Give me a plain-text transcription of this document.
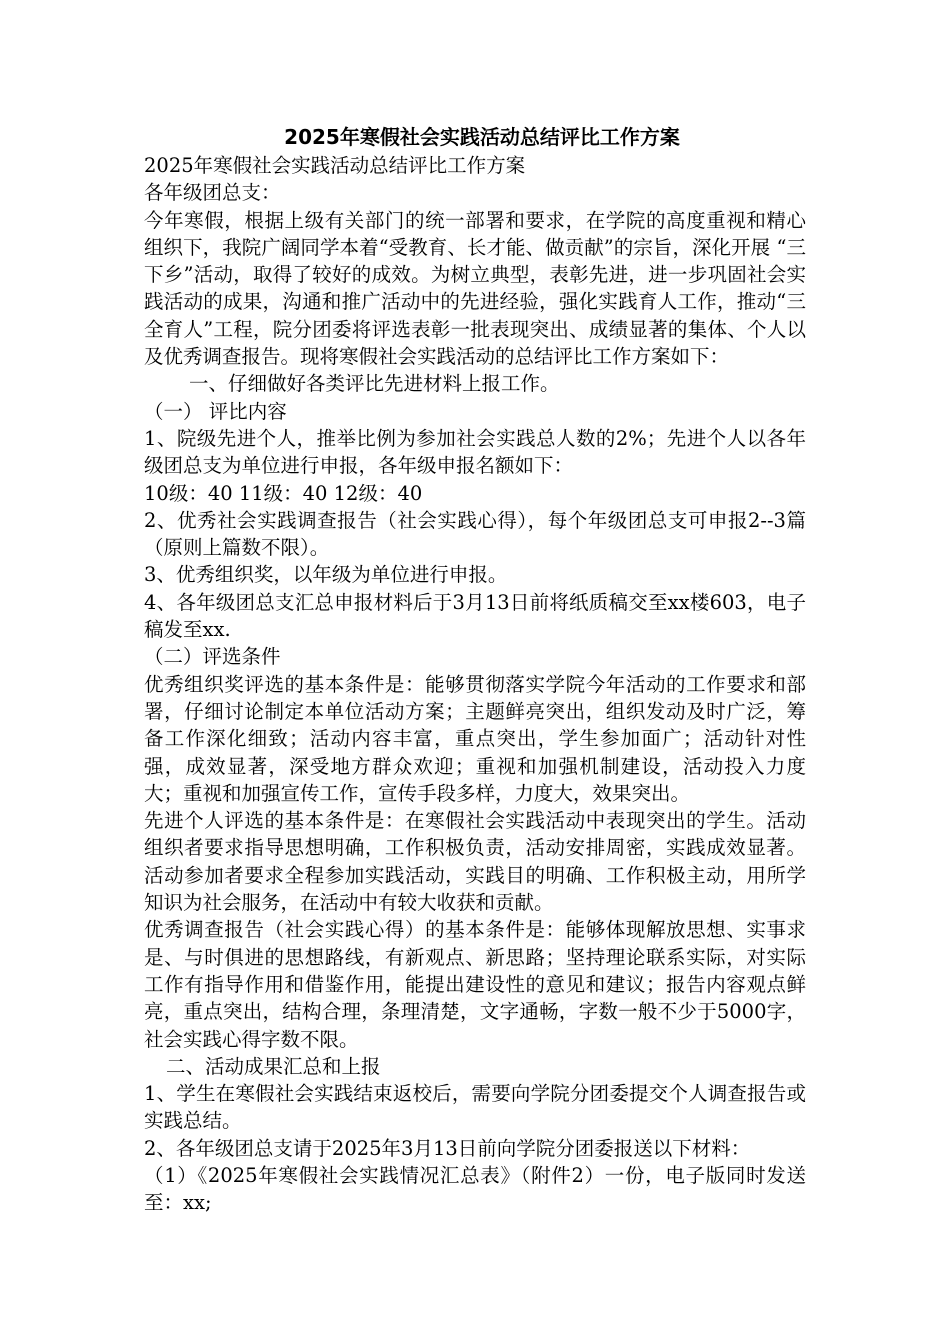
2025年寒假社会实践活动总结评比工作方案

2025年寒假社会实践活动总结评比工作方案

各年级团总支：

今年寒假，根据上级有关部门的统一部署和要求，在学院的高度重视和精心组织下，我院广阔同学本着“受教育、长才能、做贡献”的宗旨，深化开展 “三下乡”活动，取得了较好的成效。为树立典型，表彰先进，进一步巩固社会实践活动的成果，沟通和推广活动中的先进经验，强化实践育人工作，推动“三全育人”工程，院分团委将评选表彰一批表现突出、成绩显著的集体、个人以及优秀调查报告。现将寒假社会实践活动的总结评比工作方案如下：

一、仔细做好各类评比先进材料上报工作。

（一） 评比内容

1、院级先进个人，推举比例为参加社会实践总人数的2%；先进个人以各年级团总支为单位进行申报，各年级申报名额如下：

10级：40 11级：40 12级：40

2、优秀社会实践调查报告（社会实践心得），每个年级团总支可申报2--3篇（原则上篇数不限）。

3、优秀组织奖，以年级为单位进行申报。

4、各年级团总支汇总申报材料后于3月13日前将纸质稿交至xx楼603，电子稿发至xx.

（二）评选条件

优秀组织奖评选的基本条件是：能够贯彻落实学院今年活动的工作要求和部署，仔细讨论制定本单位活动方案；主题鲜亮突出，组织发动及时广泛，筹备工作深化细致；活动内容丰富，重点突出，学生参加面广；活动针对性强，成效显著，深受地方群众欢迎；重视和加强机制建设，活动投入力度大；重视和加强宣传工作，宣传手段多样，力度大，效果突出。

先进个人评选的基本条件是：在寒假社会实践活动中表现突出的学生。活动组织者要求指导思想明确，工作积极负责，活动安排周密，实践成效显著。活动参加者要求全程参加实践活动，实践目的明确、工作积极主动，用所学知识为社会服务，在活动中有较大收获和贡献。

优秀调查报告（社会实践心得）的基本条件是：能够体现解放思想、实事求是、与时俱进的思想路线，有新观点、新思路；坚持理论联系实际，对实际工作有指导作用和借鉴作用，能提出建设性的意见和建议；报告内容观点鲜亮，重点突出，结构合理，条理清楚，文字通畅，字数一般不少于5000字，社会实践心得字数不限。

二、活动成果汇总和上报

1、学生在寒假社会实践结束返校后，需要向学院分团委提交个人调查报告或实践总结。

2、各年级团总支请于2025年3月13日前向学院分团委报送以下材料：

（1）《2025年寒假社会实践情况汇总表》（附件2）一份，电子版同时发送至：xx;
